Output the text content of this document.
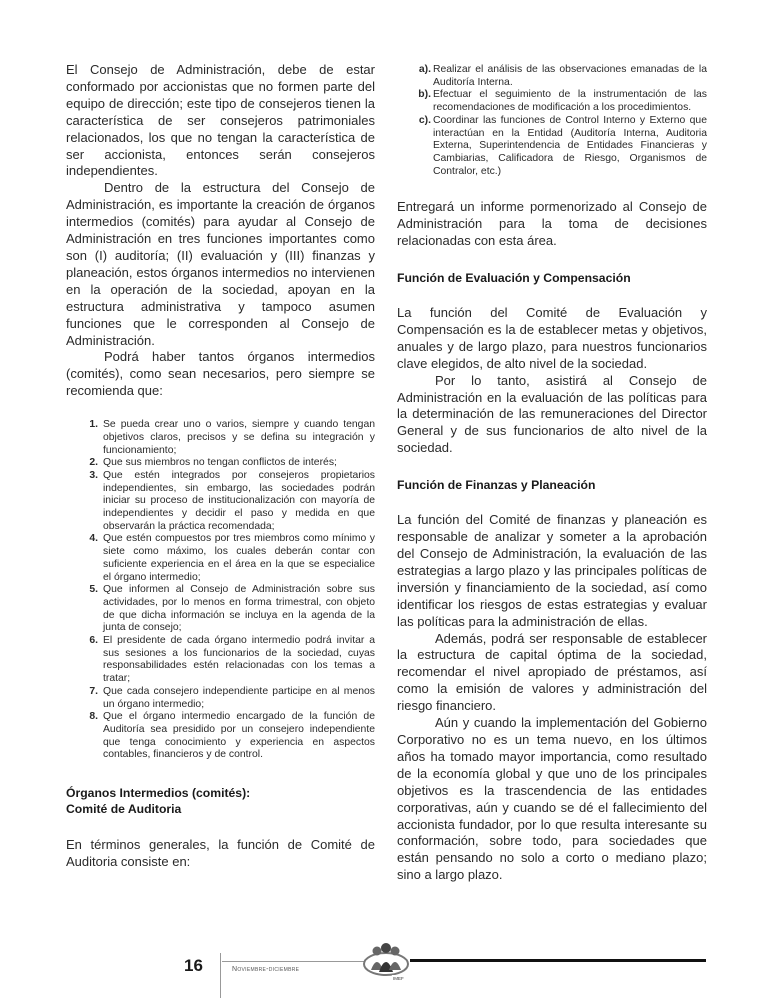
El Consejo de Administración, debe de estar conformado por accionistas que no formen parte del equipo de dirección; este tipo de consejeros tienen la característica de ser consejeros patrimoniales relacionados, los que no tengan la característica de ser accionista, entonces serán consejeros independientes.

Dentro de la estructura del Consejo de Administración, es importante la creación de órganos intermedios (comités) para ayudar al Consejo de Administración en tres funciones importantes como son (I) auditoría; (II) evaluación y (III) finanzas y planeación, estos órganos intermedios no intervienen en la operación de la sociedad, apoyan en la estructura administrativa y tampoco asumen funciones que le corresponden al Consejo de Administración.

Podrá haber tantos órganos intermedios (comités), como sean necesarios, pero siempre se recomienda que:

1. Se pueda crear uno o varios, siempre y cuando tengan objetivos claros, precisos y se defina su integración y funcionamiento;
2. Que sus miembros no tengan conflictos de interés;
3. Que estén integrados por consejeros propietarios independientes, sin embargo, las sociedades podrán iniciar su proceso de institucionalización con mayoría de independientes y decidir el paso y medida en que observarán la práctica recomendada;
4. Que estén compuestos por tres miembros como mínimo y siete como máximo, los cuales deberán contar con suficiente experiencia en el área en la que se especialice el órgano intermedio;
5. Que informen al Consejo de Administración sobre sus actividades, por lo menos en forma trimestral, con objeto de que dicha información se incluya en la agenda de la junta de consejo;
6. El presidente de cada órgano intermedio podrá invitar a sus sesiones a los funcionarios de la sociedad, cuyas responsabilidades estén relacionadas con los temas a tratar;
7. Que cada consejero independiente participe en al menos un órgano intermedio;
8. Que el órgano intermedio encargado de la función de Auditoría sea presidido por un consejero independiente que tenga conocimiento y experiencia en aspectos contables, financieros y de control.

Órganos Intermedios (comités):

Comité de Auditoria

En términos generales, la función de Comité de Auditoria consiste en:

a). Realizar el análisis de las observaciones emanadas de la Auditoría Interna.
b). Efectuar el seguimiento de la instrumentación de las recomendaciones de modificación a los procedimientos.
c). Coordinar las funciones de Control Interno y Externo que interactúan en la Entidad (Auditoría Interna, Auditoria Externa, Superintendencia de Entidades Financieras y Cambiarias, Calificadora de Riesgo, Organismos de Contralor, etc.)

Entregará un informe pormenorizado al Consejo de Administración para la toma de decisiones relacionadas con esta área.

Función de Evaluación y Compensación

La función del Comité de Evaluación y Compensación es la de establecer metas y objetivos, anuales y de largo plazo, para nuestros funcionarios clave elegidos, de alto nivel de la sociedad.

Por lo tanto, asistirá al Consejo de Administración en la evaluación de las políticas para la determinación de las remuneraciones del Director General y de sus funcionarios de alto nivel de la sociedad.

Función de Finanzas y Planeación

La función del Comité de finanzas y planeación es responsable de analizar y someter a la aprobación del Consejo de Administración, la evaluación de las estrategias a largo plazo y las principales políticas de inversión y financiamiento de la sociedad, así como identificar los riesgos de estas estrategias y evaluar las políticas para la administración de ellas.

Además, podrá ser responsable de establecer la estructura de capital óptima de la sociedad, recomendar el nivel apropiado de préstamos, así como la emisión de valores y administración del riesgo financiero.

Aún y cuando la implementación del Gobierno Corporativo no es un tema nuevo, en los últimos años ha tomado mayor importancia, como resultado de la economía global y que uno de los principales objetivos es la trascendencia de las entidades corporativas, aún y cuando se dé el fallecimiento del accionista fundador, por lo que resulta interesante su conformación, sobre todo, para sociedades que están pensando no solo a corto o mediano plazo; sino a largo plazo.

16	Noviembre-diciembre
IMEF
